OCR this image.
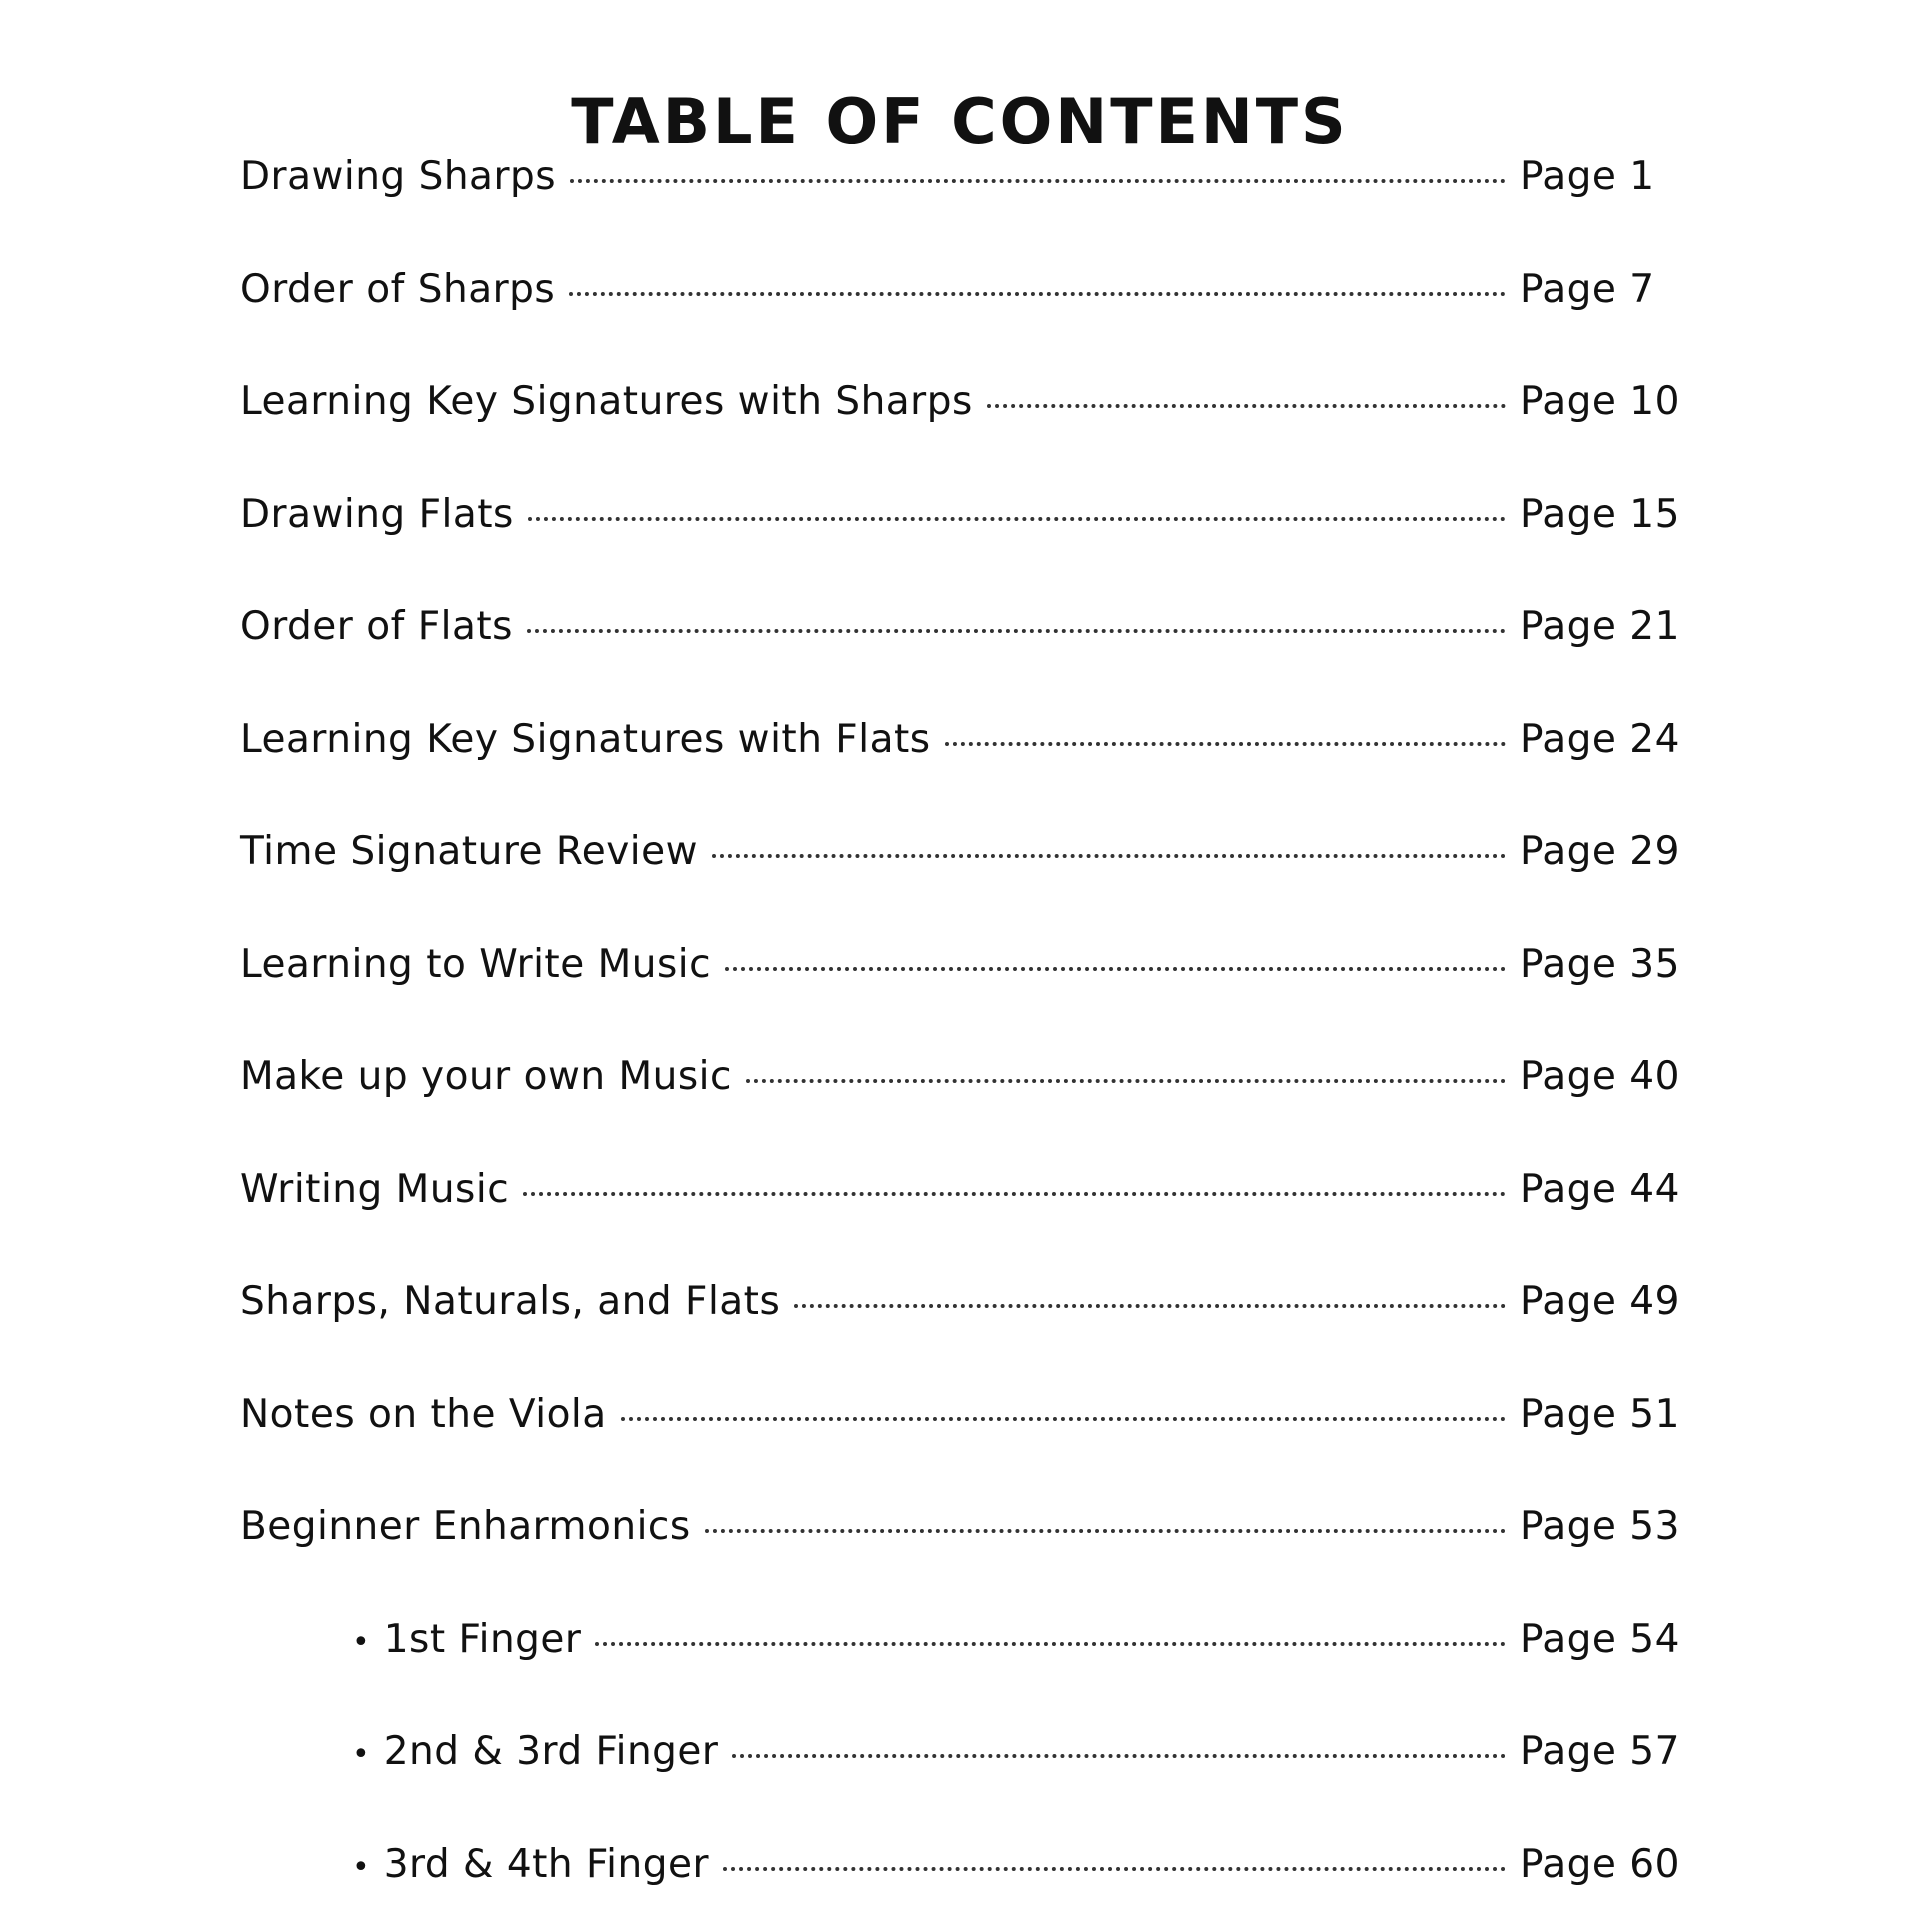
TABLE OF CONTENTS
Drawing Sharps	Page 1
Order of Sharps	Page 7
Learning Key Signatures with Sharps	Page 10
Drawing Flats	Page 15
Order of Flats	Page 21
Learning Key Signatures with Flats	Page 24
Time Signature Review	Page 29
Learning to Write Music	Page 35
Make up your own Music	Page 40
Writing Music	Page 44
Sharps, Naturals, and Flats	Page 49
Notes on the Viola	Page 51
Beginner Enharmonics	Page 53
• 1st Finger	Page 54
• 2nd & 3rd Finger	Page 57
• 3rd & 4th Finger	Page 60
